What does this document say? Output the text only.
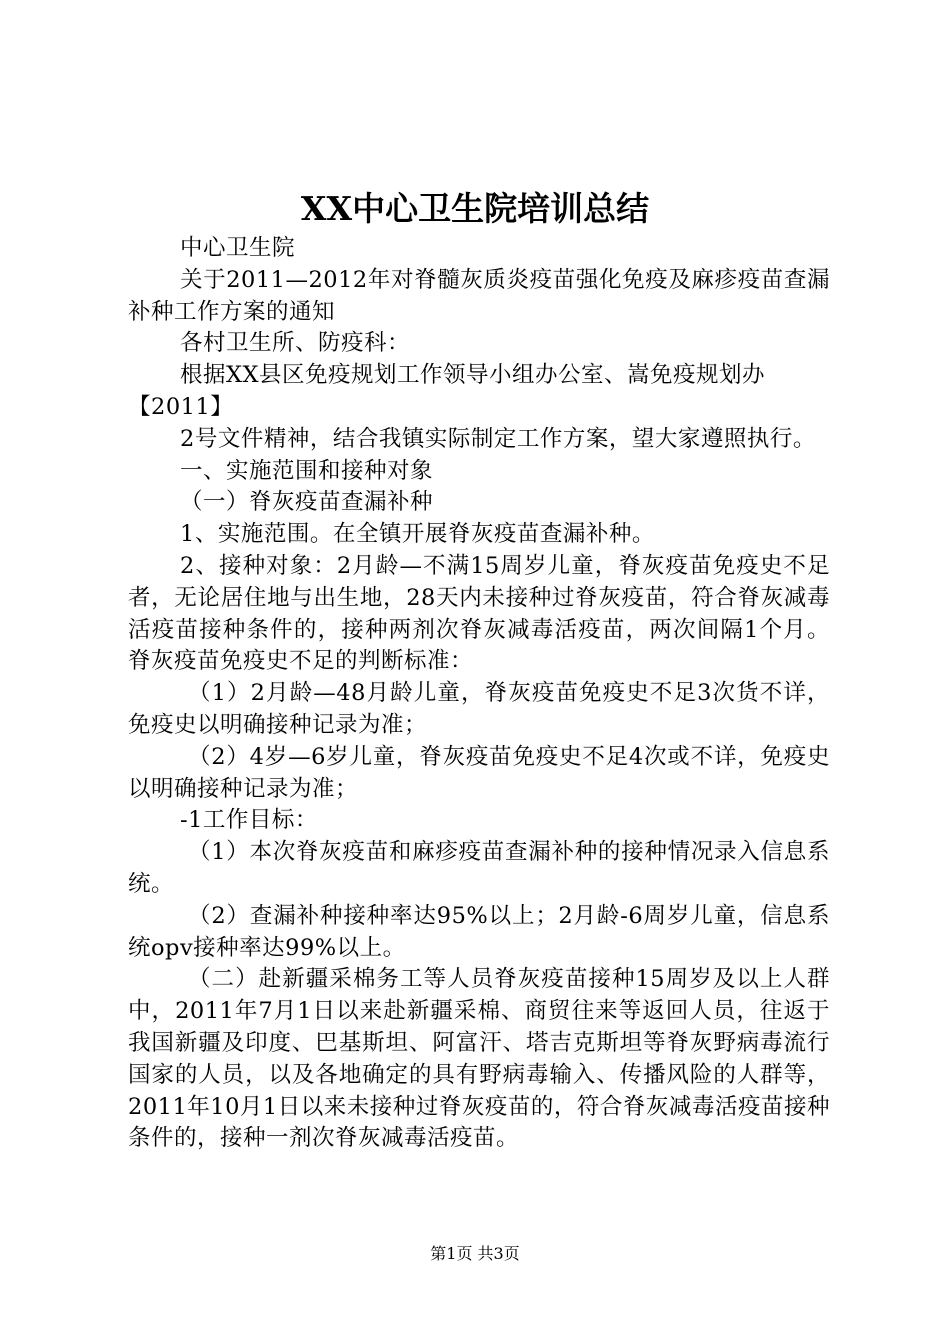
XX中心卫生院培训总结

中心卫生院

关于2011—2012年对脊髓灰质炎疫苗强化免疫及麻疹疫苗查漏补种工作方案的通知

各村卫生所、防疫科：

根据XX县区免疫规划工作领导小组办公室、嵩免疫规划办

【2011】

2号文件精神，结合我镇实际制定工作方案，望大家遵照执行。

一、实施范围和接种对象

（一）脊灰疫苗查漏补种

1、实施范围。在全镇开展脊灰疫苗查漏补种。

2、接种对象：2月龄—不满15周岁儿童，脊灰疫苗免疫史不足者，无论居住地与出生地，28天内未接种过脊灰疫苗，符合脊灰减毒活疫苗接种条件的，接种两剂次脊灰减毒活疫苗，两次间隔1个月。脊灰疫苗免疫史不足的判断标准：

（1）2月龄—48月龄儿童，脊灰疫苗免疫史不足3次货不详，免疫史以明确接种记录为准；

（2）4岁—6岁儿童，脊灰疫苗免疫史不足4次或不详，免疫史以明确接种记录为准；

-1工作目标：

（1）本次脊灰疫苗和麻疹疫苗查漏补种的接种情况录入信息系统。

（2）查漏补种接种率达95%以上；2月龄-6周岁儿童，信息系统opv接种率达99%以上。

（二）赴新疆采棉务工等人员脊灰疫苗接种15周岁及以上人群中，2011年7月1日以来赴新疆采棉、商贸往来等返回人员，往返于我国新疆及印度、巴基斯坦、阿富汗、塔吉克斯坦等脊灰野病毒流行国家的人员，以及各地确定的具有野病毒输入、传播风险的人群等，2011年10月1日以来未接种过脊灰疫苗的，符合脊灰减毒活疫苗接种条件的，接种一剂次脊灰减毒活疫苗。

第1页 共3页
